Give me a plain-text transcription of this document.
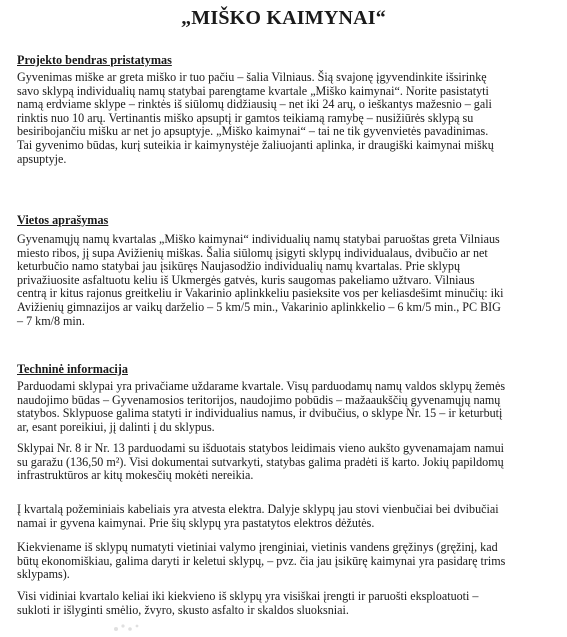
„MIŠKO KAIMYNAI“
Projekto bendras pristatymas
Gyvenimas miške ar greta miško ir tuo pačiu – šalia Vilniaus. Šią svajonę įgyvendinkite išsirinkę
savo sklypą individualių namų statybai parengtame kvartale „Miško kaimynai“. Norite pasistatyti
namą erdviame sklype – rinktės iš siūlomų didžiausių – net iki 24 arų, o ieškantys mažesnio – gali
rinktis nuo 10 arų. Vertinantis miško apsuptį ir gamtos teikiamą ramybę – nusižiūrės sklypą su
besiribojančiu mišku ar net jo apsuptyje. „Miško kaimynai“ – tai ne tik gyvenvietės pavadinimas.
Tai gyvenimo būdas, kurį suteikia ir kaimynystėje žaliuojanti aplinka, ir draugiški kaimynai miškų
apsuptyje.
Vietos aprašymas
Gyvenamųjų namų kvartalas „Miško kaimynai“ individualių namų statybai paruoštas greta Vilniaus
miesto ribos, jį supa Avižienių miškas. Šalia siūlomų įsigyti sklypų individualaus, dvibučio ar net
keturbučio namo statybai jau įsikūręs Naujasodžio individualių namų kvartalas. Prie sklypų
privažiuosite asfaltuotu keliu iš Ukmergės gatvės, kuris saugomas pakeliamo užtvaro. Vilniaus
centrą ir kitus rajonus greitkeliu ir Vakarinio aplinkkeliu pasieksite vos per keliasdešimt minučių: iki
Avižienių gimnazijos ar vaikų darželio – 5 km/5 min., Vakarinio aplinkkelio – 6 km/5 min., PC BIG
– 7 km/8 min.
Techninė informacija
Parduodami sklypai yra privačiame uždarame kvartale. Visų parduodamų namų valdos sklypų žemės
naudojimo būdas – Gyvenamosios teritorijos, naudojimo pobūdis – mažaaukščių gyvenamųjų namų
statybos. Sklypuose galima statyti ir individualius namus, ir dvibučius, o sklype Nr. 15 – ir keturbutį
ar, esant poreikiui, jį dalinti į du sklypus.
Sklypai Nr. 8 ir Nr. 13 parduodami su išduotais statybos leidimais vieno aukšto gyvenamajam namui
su garažu (136,50 m²). Visi dokumentai sutvarkyti, statybas galima pradėti iš karto. Jokių papildomų
infrastruktūros ar kitų mokesčių mokėti nereikia.
Į kvartalą požeminiais kabeliais yra atvesta elektra. Dalyje sklypų jau stovi vienbučiai bei dvibučiai
namai ir gyvena kaimynai. Prie šių sklypų yra pastatytos elektros dėžutės.
Kiekviename iš sklypų numatyti vietiniai valymo įrenginiai, vietinis vandens gręžinys (gręžinį, kad
būtų ekonomiškiau, galima daryti ir keletui sklypų, – pvz. čia jau įsikūrę kaimynai yra pasidarę trims
sklypams).
Visi vidiniai kvartalo keliai iki kiekvieno iš sklypų yra visiškai įrengti ir paruošti eksploatuoti –
sukloti ir išlyginti smėlio, žvyro, skusto asfalto ir skaldos sluoksniai.
